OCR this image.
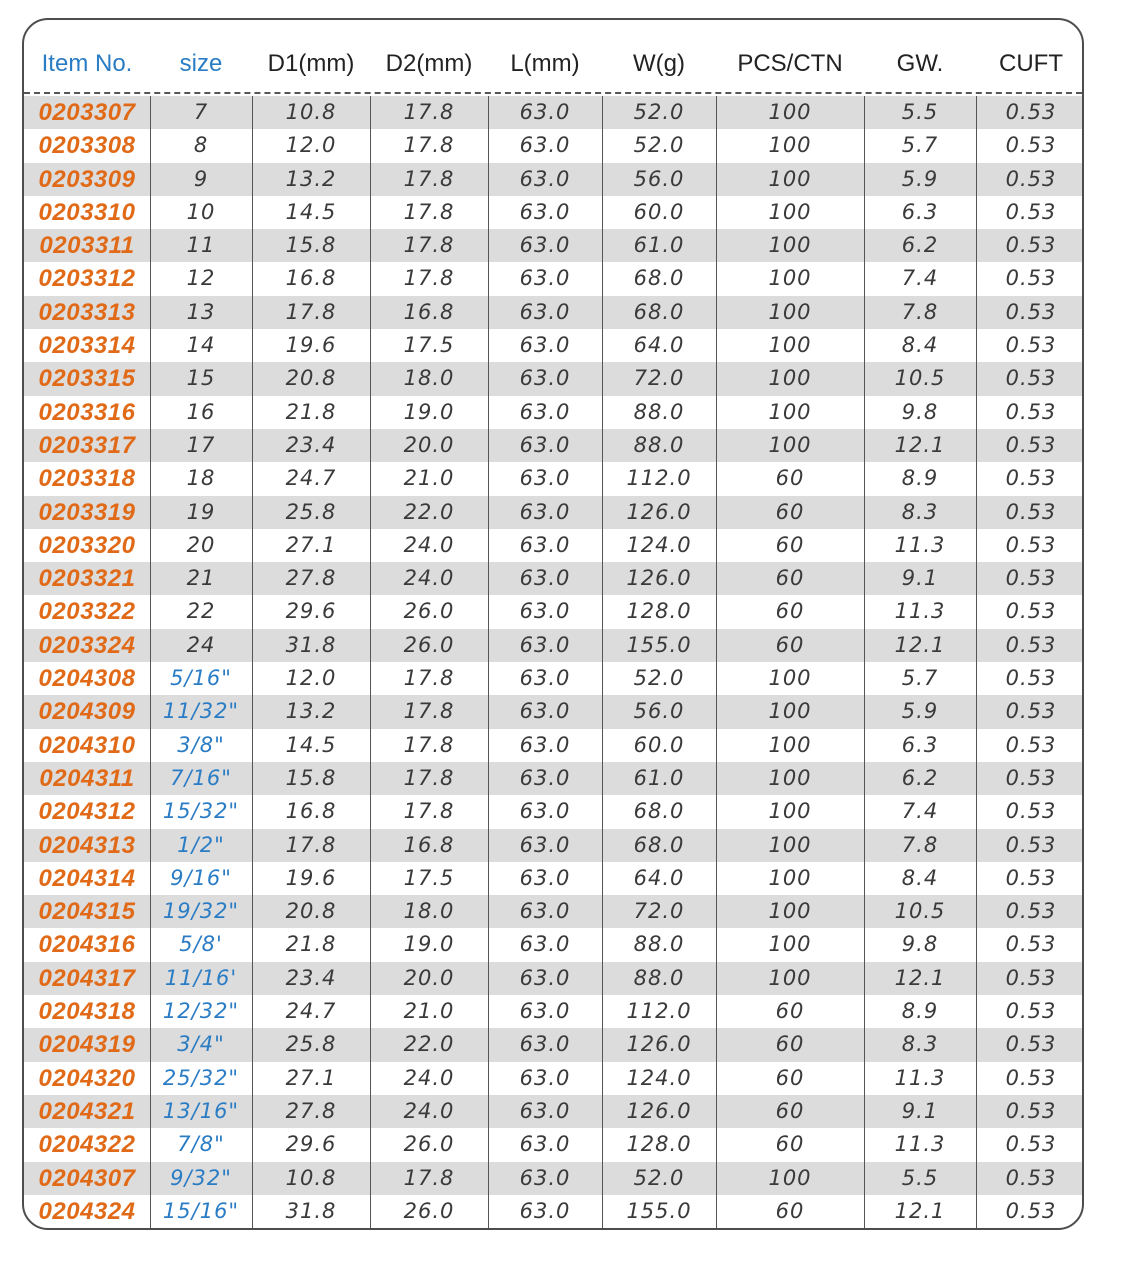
Item No.	size	D1(mm)	D2(mm)	L(mm)	W(g)	PCS/CTN	GW.	CUFT
0203307	7	10.8	17.8	63.0	52.0	100	5.5	0.53
0203308	8	12.0	17.8	63.0	52.0	100	5.7	0.53
0203309	9	13.2	17.8	63.0	56.0	100	5.9	0.53
0203310	10	14.5	17.8	63.0	60.0	100	6.3	0.53
0203311	11	15.8	17.8	63.0	61.0	100	6.2	0.53
0203312	12	16.8	17.8	63.0	68.0	100	7.4	0.53
0203313	13	17.8	16.8	63.0	68.0	100	7.8	0.53
0203314	14	19.6	17.5	63.0	64.0	100	8.4	0.53
0203315	15	20.8	18.0	63.0	72.0	100	10.5	0.53
0203316	16	21.8	19.0	63.0	88.0	100	9.8	0.53
0203317	17	23.4	20.0	63.0	88.0	100	12.1	0.53
0203318	18	24.7	21.0	63.0	112.0	60	8.9	0.53
0203319	19	25.8	22.0	63.0	126.0	60	8.3	0.53
0203320	20	27.1	24.0	63.0	124.0	60	11.3	0.53
0203321	21	27.8	24.0	63.0	126.0	60	9.1	0.53
0203322	22	29.6	26.0	63.0	128.0	60	11.3	0.53
0203324	24	31.8	26.0	63.0	155.0	60	12.1	0.53
0204308	5/16"	12.0	17.8	63.0	52.0	100	5.7	0.53
0204309	11/32"	13.2	17.8	63.0	56.0	100	5.9	0.53
0204310	3/8"	14.5	17.8	63.0	60.0	100	6.3	0.53
0204311	7/16"	15.8	17.8	63.0	61.0	100	6.2	0.53
0204312	15/32"	16.8	17.8	63.0	68.0	100	7.4	0.53
0204313	1/2"	17.8	16.8	63.0	68.0	100	7.8	0.53
0204314	9/16"	19.6	17.5	63.0	64.0	100	8.4	0.53
0204315	19/32"	20.8	18.0	63.0	72.0	100	10.5	0.53
0204316	5/8'	21.8	19.0	63.0	88.0	100	9.8	0.53
0204317	11/16'	23.4	20.0	63.0	88.0	100	12.1	0.53
0204318	12/32"	24.7	21.0	63.0	112.0	60	8.9	0.53
0204319	3/4"	25.8	22.0	63.0	126.0	60	8.3	0.53
0204320	25/32"	27.1	24.0	63.0	124.0	60	11.3	0.53
0204321	13/16"	27.8	24.0	63.0	126.0	60	9.1	0.53
0204322	7/8"	29.6	26.0	63.0	128.0	60	11.3	0.53
0204307	9/32"	10.8	17.8	63.0	52.0	100	5.5	0.53
0204324	15/16"	31.8	26.0	63.0	155.0	60	12.1	0.53
